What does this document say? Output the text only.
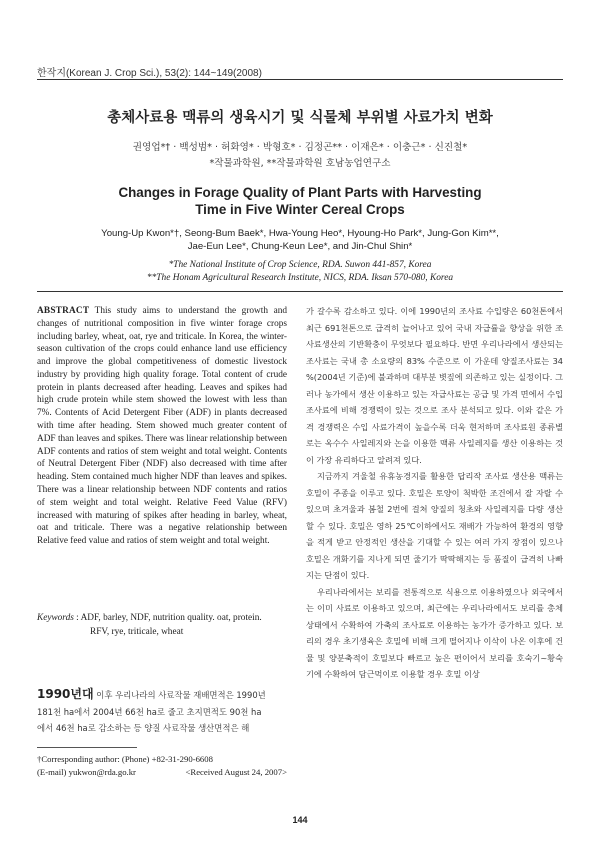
한작지(Korean J. Crop Sci.), 53(2): 144~149(2008)
총체사료용 맥류의 생육시기 및 식물체 부위별 사료가치 변화
권영업*† · 백성범* · 허화영* · 박형호* · 김정곤** · 이재은* · 이충근* · 신진철*
*작물과학원, **작물과학원 호남농업연구소
Changes in Forage Quality of Plant Parts with Harvesting
Time in Five Winter Cereal Crops
Young-Up Kwon*†, Seong-Bum Baek*, Hwa-Young Heo*, Hyoung-Ho Park*, Jung-Gon Kim**,
Jae-Eun Lee*, Chung-Keun Lee*, and Jin-Chul Shin*
*The National Institute of Crop Science, RDA. Suwon 441-857, Korea
**The Honam Agricultural Research Institute, NICS, RDA. Iksan 570-080, Korea
ABSTRACT This study aims to understand the growth and changes of nutritional composition in five winter forage crops including barley, wheat, oat, rye and triticale. In Korea, the winter-season cultivation of the crops could enhance land use efficiency and improve the global competitiveness of domestic livestock industry by providing high quality forage. Total content of crude protein in plants decreased after heading. Leaves and spikes had high crude protein while stem showed the lowest with less than 7%. Contents of Acid Detergent Fiber (ADF) in plants decreased with time after heading. Stem showed much greater content of ADF than leaves and spikes. There was linear relationship between ADF contents and ratios of stem weight and total weight. Contents of Neutral Detergent Fiber (NDF) also decreased with time after heading. Stem contained much higher NDF than leaves and spikes. There was a linear relationship between NDF contents and ratios of stem weight and total weight. Relative Feed Value (RFV) increased with maturing of spikes after heading in barley, wheat, oat and triticale. There was a negative relationship between Relative feed value and ratios of stem weight and total weight.
Keywords : ADF, barley, NDF, nutrition quality. oat, protein.
RFV, rye, triticale, wheat
1990년대 이후 우리나라의 사료작물 재배면적은 1990년
181천 ha에서 2004년 66천 ha로 줄고 초지면적도 90천 ha
에서 46천 ha로 감소하는 등 양질 사료작물 생산면적은 해
†Corresponding author: (Phone) +82-31-290-6608
(E-mail) yukwon@rda.go.kr	<Received August 24, 2007>

가 갈수록 감소하고 있다. 이에 1990년의 조사료 수입량은 60천톤에서 최근 691천톤으로 급격히 늘어나고 있어 국내 자급률을 향상을 위한 조사료생산의 기반확충이 무엇보다 필요하다. 반면 우리나라에서 생산되는 조사료는 국내 총 소요량의 83% 수준으로 이 가운데 양질조사료는 34 %(2004년 기준)에 불과하며 대부분 볏짚에 의존하고 있는 실정이다. 그러나 농가에서 생산 이용하고 있는 자급사료는 공급 및 가격 면에서 수입 조사료에 비해 경쟁력이 있는 것으로 조사 분석되고 있다. 이와 같은 가격 경쟁력은 수입 사료가격이 높을수록 더욱 현저하며 조사료원 종류별로는 옥수수 사일레지와 논을 이용한 맥류 사일레지를 생산 이용하는 것이 가장 유리하다고 알려져 있다.

지금까지 겨울철 유휴농경지를 활용한 답리작 조사료 생산용 맥류는 호밀이 주종을 이루고 있다. 호밀은 토양이 척박한 조건에서 잘 자랄 수 있으며 초겨울과 봄철 2번에 걸쳐 양질의 청초와 사일레지를 다량 생산할 수 있다. 호밀은 영하 25℃이하에서도 재배가 가능하여 환경의 영향을 적게 받고 안정적인 생산을 기대할 수 있는 여러 가지 장점이 있으나 호밀은 개화기를 지나게 되면 줄기가 딱딱해지는 등 품질이 급격히 나빠지는 단점이 있다.

우리나라에서는 보리를 전통적으로 식용으로 이용하였으나 외국에서는 이미 사료로 이용하고 있으며, 최근에는 우리나라에서도 보리를 총체상태에서 수확하여 가축의 조사료로 이용하는 농가가 증가하고 있다. 보리의 경우 초기생육은 호밀에 비해 크게 떨어지나 이삭이 나온 이후에 건물 및 양분축적이 호밀보다 빠르고 높은 편이어서 보리를 호숙기~황숙기에 수확하여 담근먹이로 이용할 경우 호밀 이상

144
